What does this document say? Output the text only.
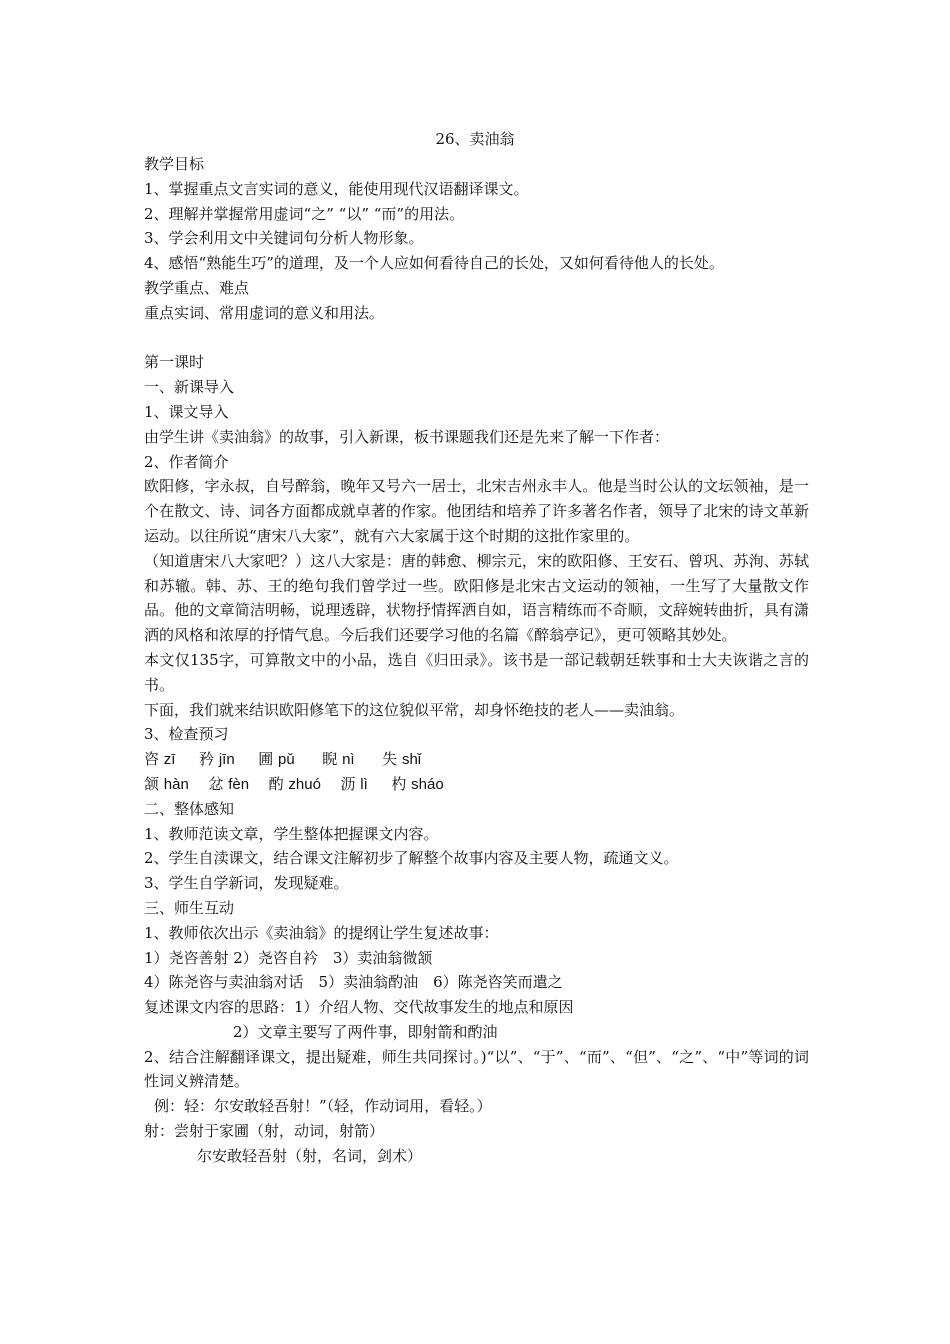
26、卖油翁
教学目标
1、掌握重点文言实词的意义，能使用现代汉语翻译课文。
2、理解并掌握常用虚词“之” “以” “而”的用法。
3、学会利用文中关键词句分析人物形象。
4、感悟“熟能生巧”的道理，及一个人应如何看待自己的长处，又如何看待他人的长处。
教学重点、难点
重点实词、常用虚词的意义和用法。
第一课时
一、新课导入
1、课文导入
由学生讲《卖油翁》的故事，引入新课，板书课题我们还是先来了解一下作者：
2、作者简介
欧阳修，字永叔，自号醉翁，晚年又号六一居士，北宋吉州永丰人。他是当时公认的文坛领袖，是一个在散文、诗、词各方面都成就卓著的作家。他团结和培养了许多著名作者，领导了北宋的诗文革新运动。以往所说“唐宋八大家”，就有六大家属于这个时期的这批作家里的。
（知道唐宋八大家吧？）这八大家是：唐的韩愈、柳宗元，宋的欧阳修、王安石、曾巩、苏洵、苏轼和苏辙。韩、苏、王的绝句我们曾学过一些。欧阳修是北宋古文运动的领袖，一生写了大量散文作品。他的文章简洁明畅，说理透辟，状物抒情挥洒自如，语言精练而不奇顺，文辞婉转曲折，具有潇洒的风格和浓厚的抒情气息。今后我们还要学习他的名篇《醉翁亭记》，更可领略其妙处。
本文仅135字，可算散文中的小品，选自《归田录》。该书是一部记载朝廷轶事和士大夫诙谐之言的书。
下面，我们就来结识欧阳修笔下的这位貌似平常，却身怀绝技的老人——卖油翁。
3、检查预习
咨 zī 矜 jīn 圃 pǔ 睨 nì 失 shǐ
颔 hàn 忿 fèn 酌 zhuó 沥 lì 杓 sháo
二、整体感知
1、教师范读文章，学生整体把握课文内容。
2、学生自渎课文，结合课文注解初步了解整个故事内容及主要人物，疏通文义。
3、学生自学新词，发现疑难。
三、师生互动
1、教师依次出示《卖油翁》的提纲让学生复述故事：
1）尧咨善射 2）尧咨自衿　3）卖油翁微颔
4）陈尧咨与卖油翁对话　5）卖油翁酌油　6）陈尧咨笑而遣之
复述课文内容的思路：1）介绍人物、交代故事发生的地点和原因
2）文章主要写了两件事，即射箭和酌油
2、结合注解翻译课文，提出疑难，师生共同探讨。)“以”、“于”、“而”、“但”、“之”、“中”等词的词性词义辨清楚。
例：轻：尔安敢轻吾射！”（轻，作动词用，看轻。）
射：尝射于家圃（射，动词，射箭）
尔安敢轻吾射（射，名词，剑术）
